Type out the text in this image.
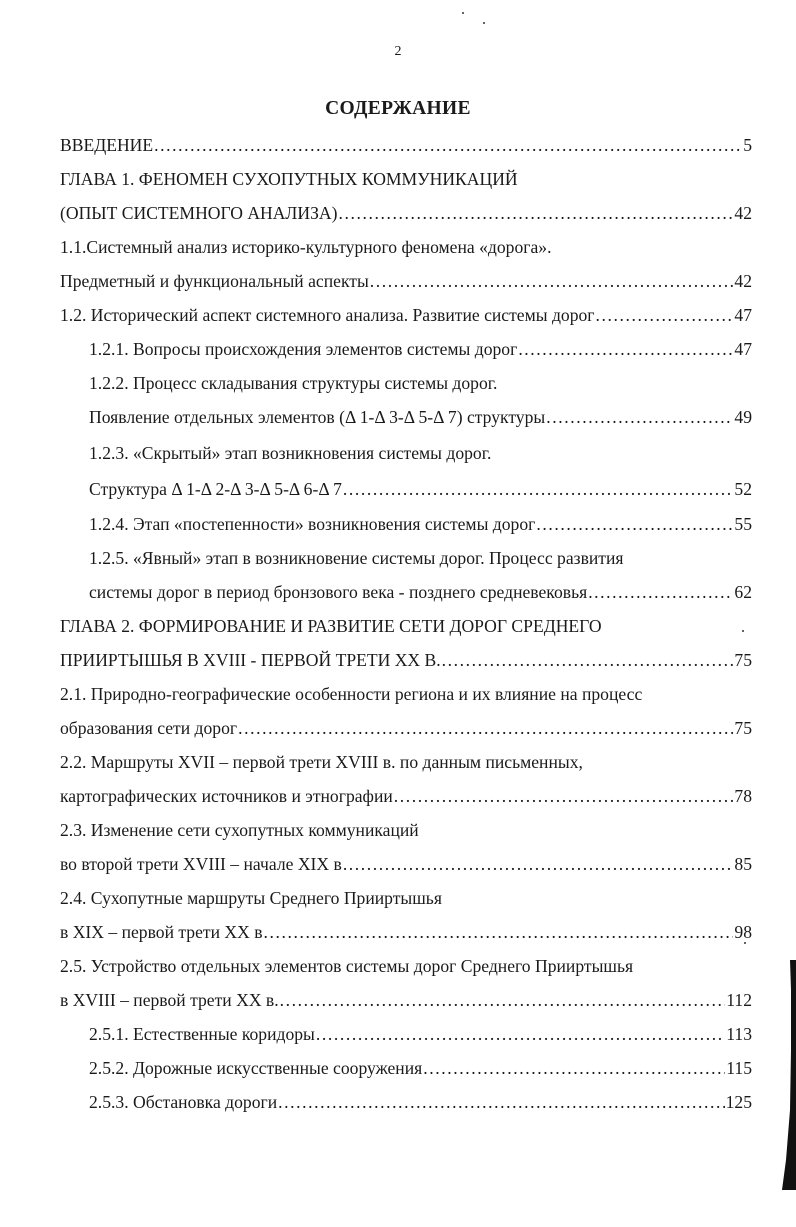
2
СОДЕРЖАНИЕ
ВВЕДЕНИЕ .....	5
ГЛАВА 1. ФЕНОМЕН СУХОПУТНЫХ КОММУНИКАЦИЙ
(ОПЫТ СИСТЕМНОГО АНАЛИЗА) .....	42
1.1.Системный анализ историко-культурного феномена «дорога».
Предметный и функциональный аспекты .....	42
1.2. Исторический аспект системного анализа. Развитие системы дорог .....	47
1.2.1. Вопросы происхождения элементов системы дорог .....	47
1.2.2. Процесс складывания структуры системы дорог.
Появление отдельных элементов (Δ 1-Δ 3-Δ 5-Δ 7) структуры .....	49
1.2.3. «Скрытый» этап возникновения системы дорог.
Структура Δ 1-Δ 2-Δ 3-Δ 5-Δ 6-Δ 7 .....	52
1.2.4. Этап «постепенности» возникновения системы дорог .....	55
1.2.5. «Явный» этап в возникновение системы дорог. Процесс развития
системы дорог в период бронзового века - позднего средневековья .....	62
ГЛАВА 2. ФОРМИРОВАНИЕ И РАЗВИТИЕ СЕТИ ДОРОГ СРЕДНЕГО
ПРИИРТЫШЬЯ В XVIII - ПЕРВОЙ ТРЕТИ XX В. .....	75
2.1. Природно-географические особенности региона и их влияние на процесс
образования сети дорог .....	75
2.2. Маршруты XVII – первой трети XVIII в. по данным письменных,
картографических источников и этнографии .....	78
2.3. Изменение сети сухопутных коммуникаций
во второй трети XVIII – начале XIX в .....	85
2.4. Сухопутные маршруты Среднего Прииртышья
в XIX – первой трети XX в .....	98
2.5. Устройство отдельных элементов системы дорог Среднего Прииртышья
в XVIII – первой трети XX в. .....	112
2.5.1. Естественные коридоры .....	113
2.5.2. Дорожные искусственные сооружения .....	115
2.5.3. Обстановка дороги .....	125
